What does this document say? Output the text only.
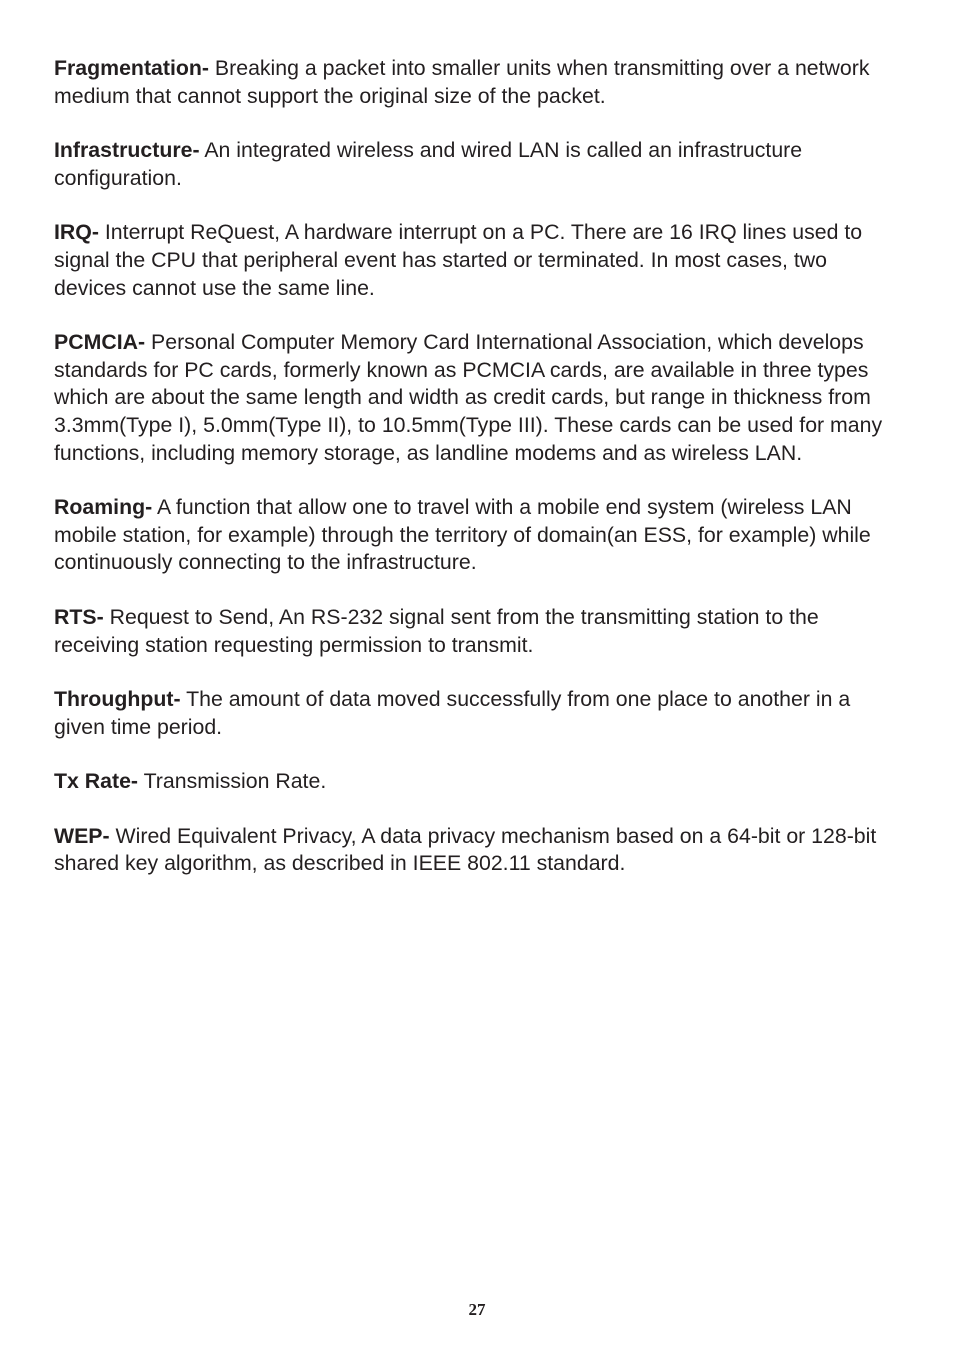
Fragmentation- Breaking a packet into smaller units when transmitting over a network medium that cannot support the original size of the packet.

Infrastructure- An integrated wireless and wired LAN is called an infrastructure configuration.

IRQ- Interrupt ReQuest, A hardware interrupt on a PC. There are 16 IRQ lines used to signal the CPU that peripheral event has started or terminated. In most cases, two devices cannot use the same line.

PCMCIA- Personal Computer Memory Card International Association, which develops standards for PC cards, formerly known as PCMCIA cards, are available in three types which are about the same length and width as credit cards, but range in thickness from 3.3mm(Type I), 5.0mm(Type II), to 10.5mm(Type III). These cards can be used for many functions, including memory storage, as landline modems and as wireless LAN.

Roaming- A function that allow one to travel with a mobile end system (wireless LAN mobile station, for example) through the territory of domain(an ESS, for example) while continuously connecting to the infrastructure.

RTS- Request to Send, An RS-232 signal sent from the transmitting station to the receiving station requesting permission to transmit.

Throughput- The amount of data moved successfully from one place to another in a given time period.

Tx Rate- Transmission Rate.

WEP- Wired Equivalent Privacy, A data privacy mechanism based on a 64-bit or 128-bit shared key algorithm, as described in IEEE 802.11 standard.

27
